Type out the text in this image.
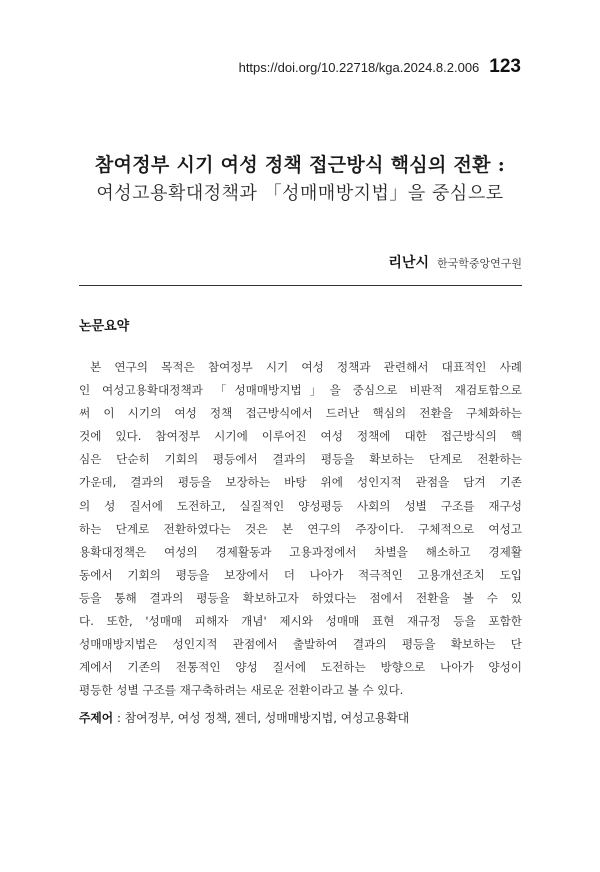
https://doi.org/10.22718/kga.2024.8.2.006 123
참여정부 시기 여성 정책 접근방식 핵심의 전환 :
여성고용확대정책과 「성매매방지법」을 중심으로
리난시 한국학중앙연구원
논문요약
본 연구의 목적은 참여정부 시기 여성 정책과 관련해서 대표적인 사례
인 여성고용확대정책과 「성매매방지법」을 중심으로 비판적 재검토함으로
써 이 시기의 여성 정책 접근방식에서 드러난 핵심의 전환을 구체화하는
것에 있다. 참여정부 시기에 이루어진 여성 정책에 대한 접근방식의 핵
심은 단순히 기회의 평등에서 결과의 평등을 확보하는 단계로 전환하는
가운데, 결과의 평등을 보장하는 바탕 위에 성인지적 관점을 담겨 기존
의 성 질서에 도전하고, 실질적인 양성평등 사회의 성별 구조를 재구성
하는 단계로 전환하였다는 것은 본 연구의 주장이다. 구체적으로 여성고
용확대정책은 여성의 경제활동과 고용과정에서 차별을 해소하고 경제활
동에서 기회의 평등을 보장에서 더 나아가 적극적인 고용개선조치 도입
등을 통해 결과의 평등을 확보하고자 하였다는 점에서 전환을 볼 수 있
다. 또한, '성매매 피해자 개념' 제시와 성매매 표현 재규정 등을 포함한
성매매방지법은 성인지적 관점에서 출발하여 결과의 평등을 확보하는 단
계에서 기존의 전통적인 양성 질서에 도전하는 방향으로 나아가 양성이
평등한 성별 구조를 재구축하려는 새로운 전환이라고 볼 수 있다.
주제어 : 참여정부, 여성 정책, 젠더, 성매매방지법, 여성고용확대
